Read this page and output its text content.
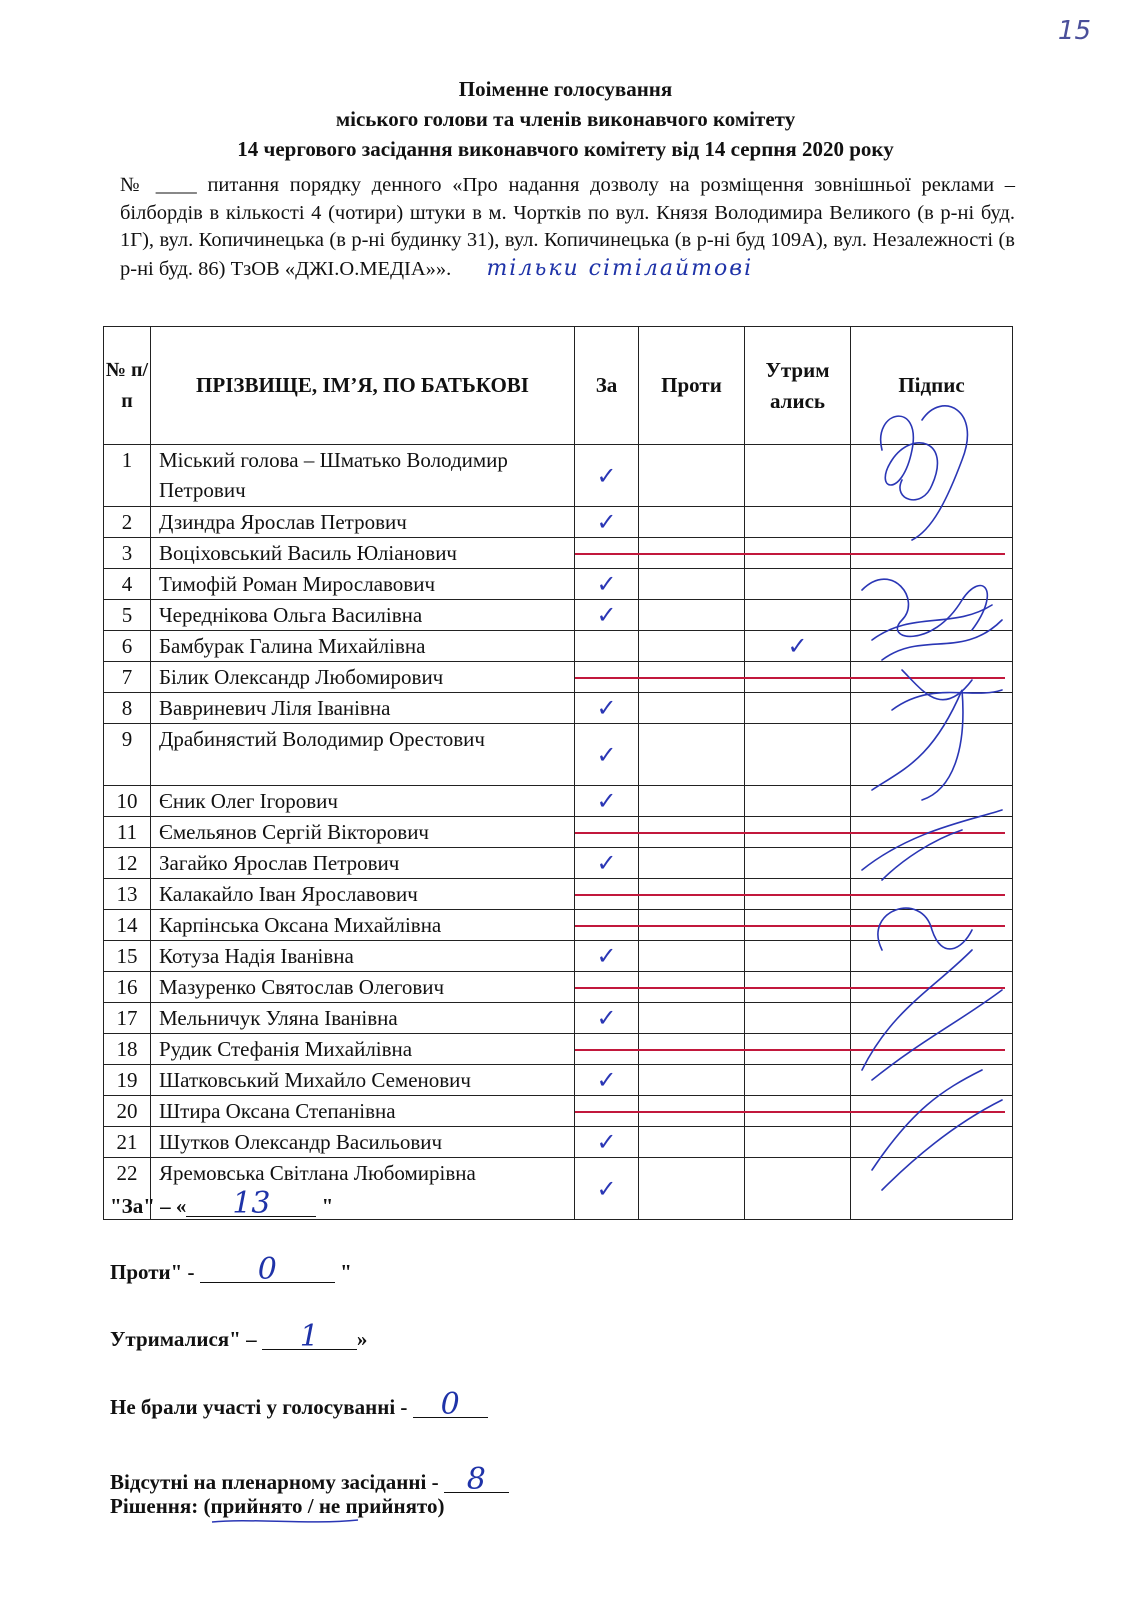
15
Поіменне голосування
міського голови та членів виконавчого комітету
14 чергового засідання виконавчого комітету від 14 серпня 2020 року
№ ____ питання порядку денного «Про надання дозволу на розміщення зовнішньої реклами – білбордів в кількості 4 (чотири) штуки в м. Чортків по вул. Князя Володимира Великого (в р-ні буд. 1Г), вул. Копичинецька (в р-ні будинку 31), вул. Копичинецька (в р-ні буд 109А), вул. Незалежності (в р-ні буд. 86) ТзОВ «ДЖІ.О.МЕДІА»». тільки сітілайтові
№ п/п	ПРІЗВИЩЕ, ІМ’Я, ПО БАТЬКОВІ	За	Проти	Утрим ались	Підпис
1	Міський голова – Шматько Володимир Петрович	✓			

2	Дзиндра Ярослав Петрович	✓			

3	Воціховський Василь Юліанович				
4	Тимофій Роман Мирославович	✓			

5	Череднікова Ольга Василівна	✓			

6	Бамбурак Галина Михайлівна			✓	

7	Білик Олександр Любомирович				
8	Вавриневич Ліля Іванівна	✓			

9	Драбинястий Володимир Орестович	✓			

10	Єник Олег Ігорович	✓			

11	Ємельянов Сергій Вікторович				
12	Загайко Ярослав Петрович	✓			

13	Калакайло Іван Ярославович				
14	Карпінська Оксана Михайлівна				
15	Котуза Надія Іванівна	✓			

16	Мазуренко Святослав Олегович				
17	Мельничук Уляна Іванівна	✓			

18	Рудик Стефанія Михайлівна				
19	Шатковський Михайло Семенович	✓			

20	Штира Оксана Степанівна				
21	Шутков Олександр Васильович	✓			

22	Яремовська Світлана Любомирівна	✓			

"За" – « 13 "
Проти" - 0	"
Утрималися" – 1 »
Не брали участі у голосуванні - 0
Відсутні на пленарному засіданні - 8
Рішення: (прийнято / не прийнято)
